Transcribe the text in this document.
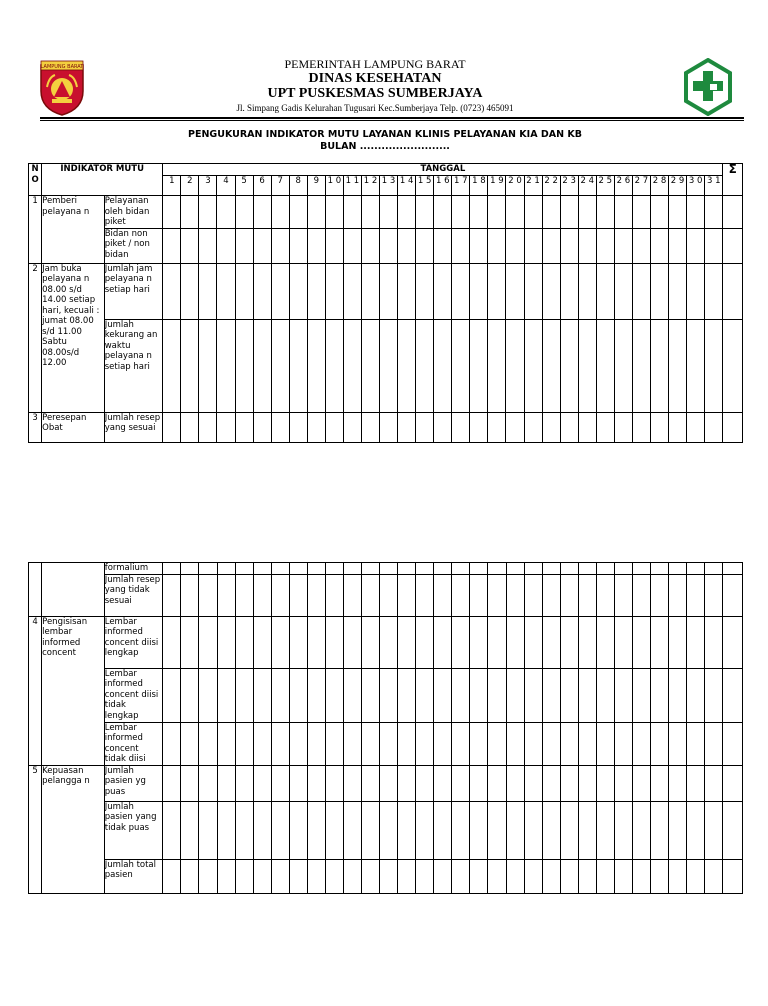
LAMPUNG BARAT	PEMERINTAH LAMPUNG BARAT
DINAS KESEHATAN
UPT PUSKESMAS SUMBERJAYA
Jl. Simpang Gadis Kelurahan Tugusari Kec.Sumberjaya Telp. (0723) 465091
PENGUKURAN INDIKATOR MUTU LAYANAN KLINIS PELAYANAN KIA DAN KB
BULAN .........................
N O	INDIKATOR MUTU		TANGGAL																															Σ
			1	2	3	4	5	6	7	8	9	1 0	1 1	1 2	1 3	1 4	1 5	1 6	1 7	1 8	1 9	2 0	2 1	2 2	2 3	2 4	2 5	2 6	2 7	2 8	2 9	3 0	3 1	
1	Pemberi pelayana n	Pelayanan oleh bidan piket																																
		Bidan non piket / non bidan																																
2	Jam buka pelayana n 08.00 s/d 14.00 setiap hari, kecuali : jumat 08.00 s/d 11.00 Sabtu 08.00s/d 12.00	Jumlah jam pelayana n setiap hari																																
		Jumlah kekurang an waktu pelayana n setiap hari																																
3	Peresepan Obat	Jumlah resep yang sesuai																																
		formalium																																
		Jumlah resep yang tidak sesuai																																
4	Pengisisan lembar informed concent	Lembar informed concent diisi lengkap																																
		Lembar informed concent diisi tidak lengkap																																
		Lembar informed concent tidak diisi																																
5	Kepuasan pelangga n	Jumlah pasien yg puas																																
		Jumlah pasien yang tidak puas																																
		Jumlah total pasien																																
